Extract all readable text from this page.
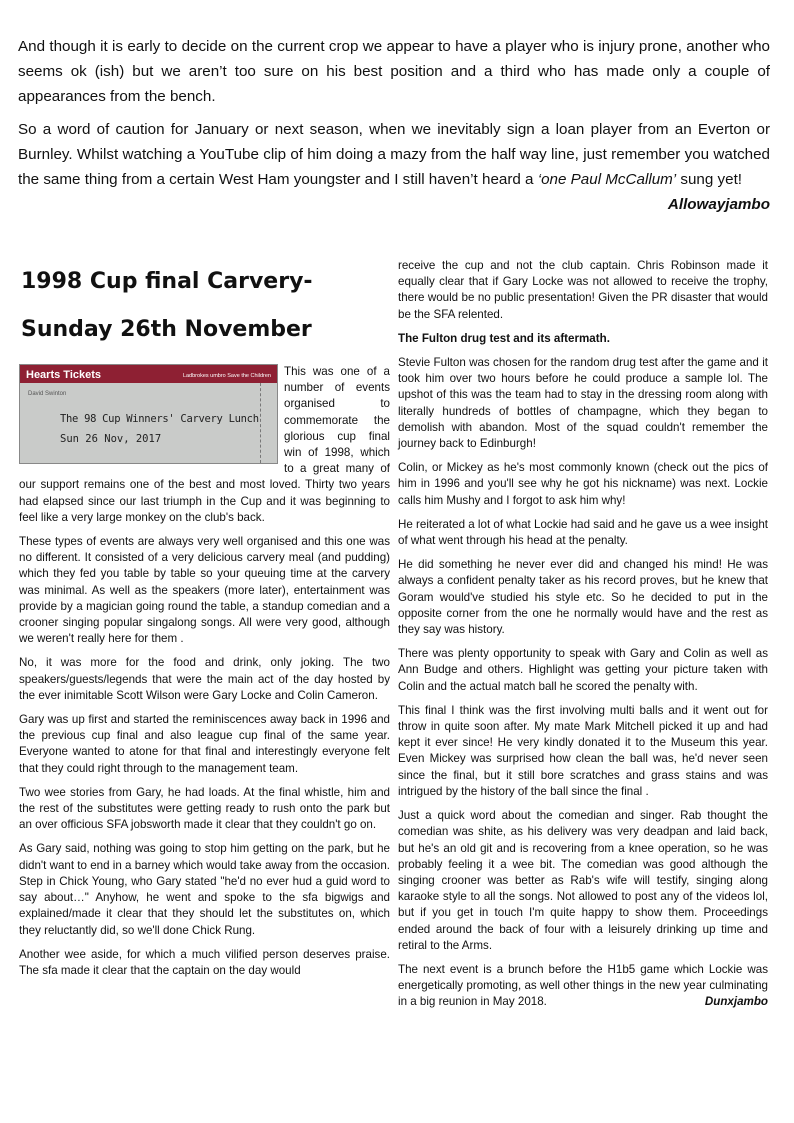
And though it is early to decide on the current crop we appear to have a player who is injury prone, another who seems ok (ish) but we aren’t too sure on his best position and a third who has made only a couple of appearances from the bench.

So a word of caution for January or next season, when we inevitably sign a loan player from an Everton or Burnley. Whilst watching a YouTube clip of him doing a mazy from the half way line, just remember you watched the same thing from a certain West Ham youngster and I still haven’t heard a ‘one Paul McCallum’ sung yet!
Allowayjambo

1998 Cup final Carvery-
Sunday 26th November
Hearts Tickets	Ladbrokes umbro Save the Children
David Swinton
The 98 Cup Winners' Carvery Lunch
Sun 26 Nov, 2017

This was one of a number of events organised to commemorate the glorious cup final win of 1998, which to a great many of our support remains one of the best and most loved. Thirty two years had elapsed since our last triumph in the Cup and it was beginning to feel like a very large monkey on the club's back.

These types of events are always very well organised and this one was no different. It consisted of a very delicious carvery meal (and pudding) which they fed you table by table so your queuing time at the carvery was minimal. As well as the speakers (more later), entertainment was provide by a magician going round the table, a standup comedian and a crooner singing popular singalong songs. All were very good, although we weren't really here for them .

No, it was more for the food and drink, only joking. The two speakers/guests/legends that were the main act of the day hosted by the ever inimitable Scott Wilson were Gary Locke and Colin Cameron.

Gary was up first and started the reminiscences away back in 1996 and the previous cup final and also league cup final of the same year. Everyone wanted to atone for that final and interestingly everyone felt that they could right through to the management team.

Two wee stories from Gary, he had loads. At the final whistle, him and the rest of the substitutes were getting ready to rush onto the park but an over officious SFA jobsworth made it clear that they couldn't go on.

As Gary said, nothing was going to stop him getting on the park, but he didn't want to end in a barney which would take away from the occasion. Step in Chick Young, who Gary stated "he'd no ever hud a guid word to say about…" Anyhow, he went and spoke to the sfa bigwigs and explained/made it clear that they should let the substitutes on, which they reluctantly did, so we'll done Chick Rung.

Another wee aside, for which a much vilified person deserves praise. The sfa made it clear that the captain on the day would

receive the cup and not the club captain. Chris Robinson made it equally clear that if Gary Locke was not allowed to receive the trophy, there would be no public presentation! Given the PR disaster that would be the SFA relented.

The Fulton drug test and its aftermath.

Stevie Fulton was chosen for the random drug test after the game and it took him over two hours before he could produce a sample lol. The upshot of this was the team had to stay in the dressing room along with literally hundreds of bottles of champagne, which they began to demolish with abandon. Most of the squad couldn't remember the journey back to Edinburgh!

Colin, or Mickey as he's most commonly known (check out the pics of him in 1996 and you'll see why he got his nickname) was next. Lockie calls him Mushy and I forgot to ask him why!

He reiterated a lot of what Lockie had said and he gave us a wee insight of what went through his head at the penalty.

He did something he never ever did and changed his mind! He was always a confident penalty taker as his record proves, but he knew that Goram would've studied his style etc. So he decided to put in the opposite corner from the one he normally would have and the rest as they say was history.

There was plenty opportunity to speak with Gary and Colin as well as Ann Budge and others. Highlight was getting your picture taken with Colin and the actual match ball he scored the penalty with.

This final I think was the first involving multi balls and it went out for throw in quite soon after. My mate Mark Mitchell picked it up and had kept it ever since! He very kindly donated it to the Museum this year. Even Mickey was surprised how clean the ball was, he'd never seen since the final, but it still bore scratches and grass stains and was intrigued by the history of the ball since the final .

Just a quick word about the comedian and singer. Rab thought the comedian was shite, as his delivery was very deadpan and laid back, but he's an old git and is recovering from a knee operation, so he was probably feeling it a wee bit. The comedian was good although the singing crooner was better as Rab's wife will testify, singing along karaoke style to all the songs. Not allowed to post any of the videos lol, but if you get in touch I'm quite happy to show them. Proceedings ended around the back of four with a leisurely drinking up time and retiral to the Arms.

The next event is a brunch before the H1b5 game which Lockie was energetically promoting, as well other things in the new year culminating in a big reunion in May 2018.	Dunxjambo
